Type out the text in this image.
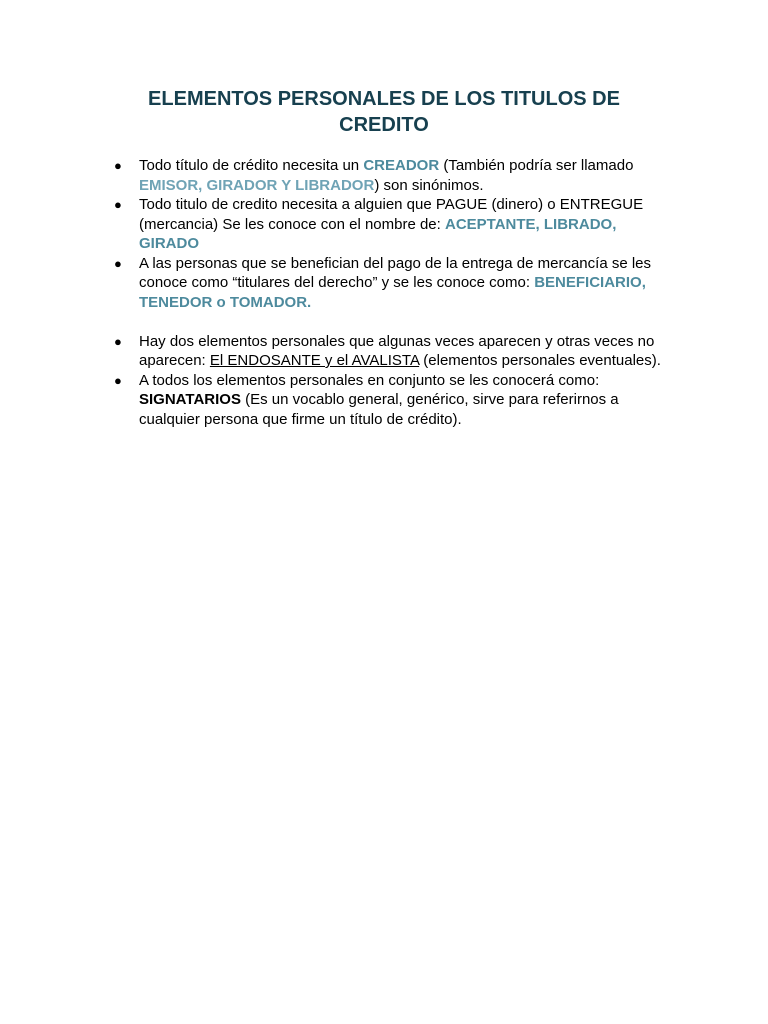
ELEMENTOS PERSONALES DE LOS TITULOS DE
CREDITO
● Todo título de crédito necesita un CREADOR (También podría ser llamado EMISOR, GIRADOR Y LIBRADOR) son sinónimos.
● Todo titulo de credito necesita a alguien que PAGUE (dinero) o ENTREGUE (mercancia) Se les conoce con el nombre de: ACEPTANTE, LIBRADO, GIRADO
● A las personas que se benefician del pago de la entrega de mercancía se les conoce como “titulares del derecho” y se les conoce como: BENEFICIARIO, TENEDOR o TOMADOR.
● Hay dos elementos personales que algunas veces aparecen y otras veces no aparecen: El ENDOSANTE y el AVALISTA (elementos personales eventuales).
● A todos los elementos personales en conjunto se les conocerá como: SIGNATARIOS (Es un vocablo general, genérico, sirve para referirnos a cualquier persona que firme un título de crédito).
